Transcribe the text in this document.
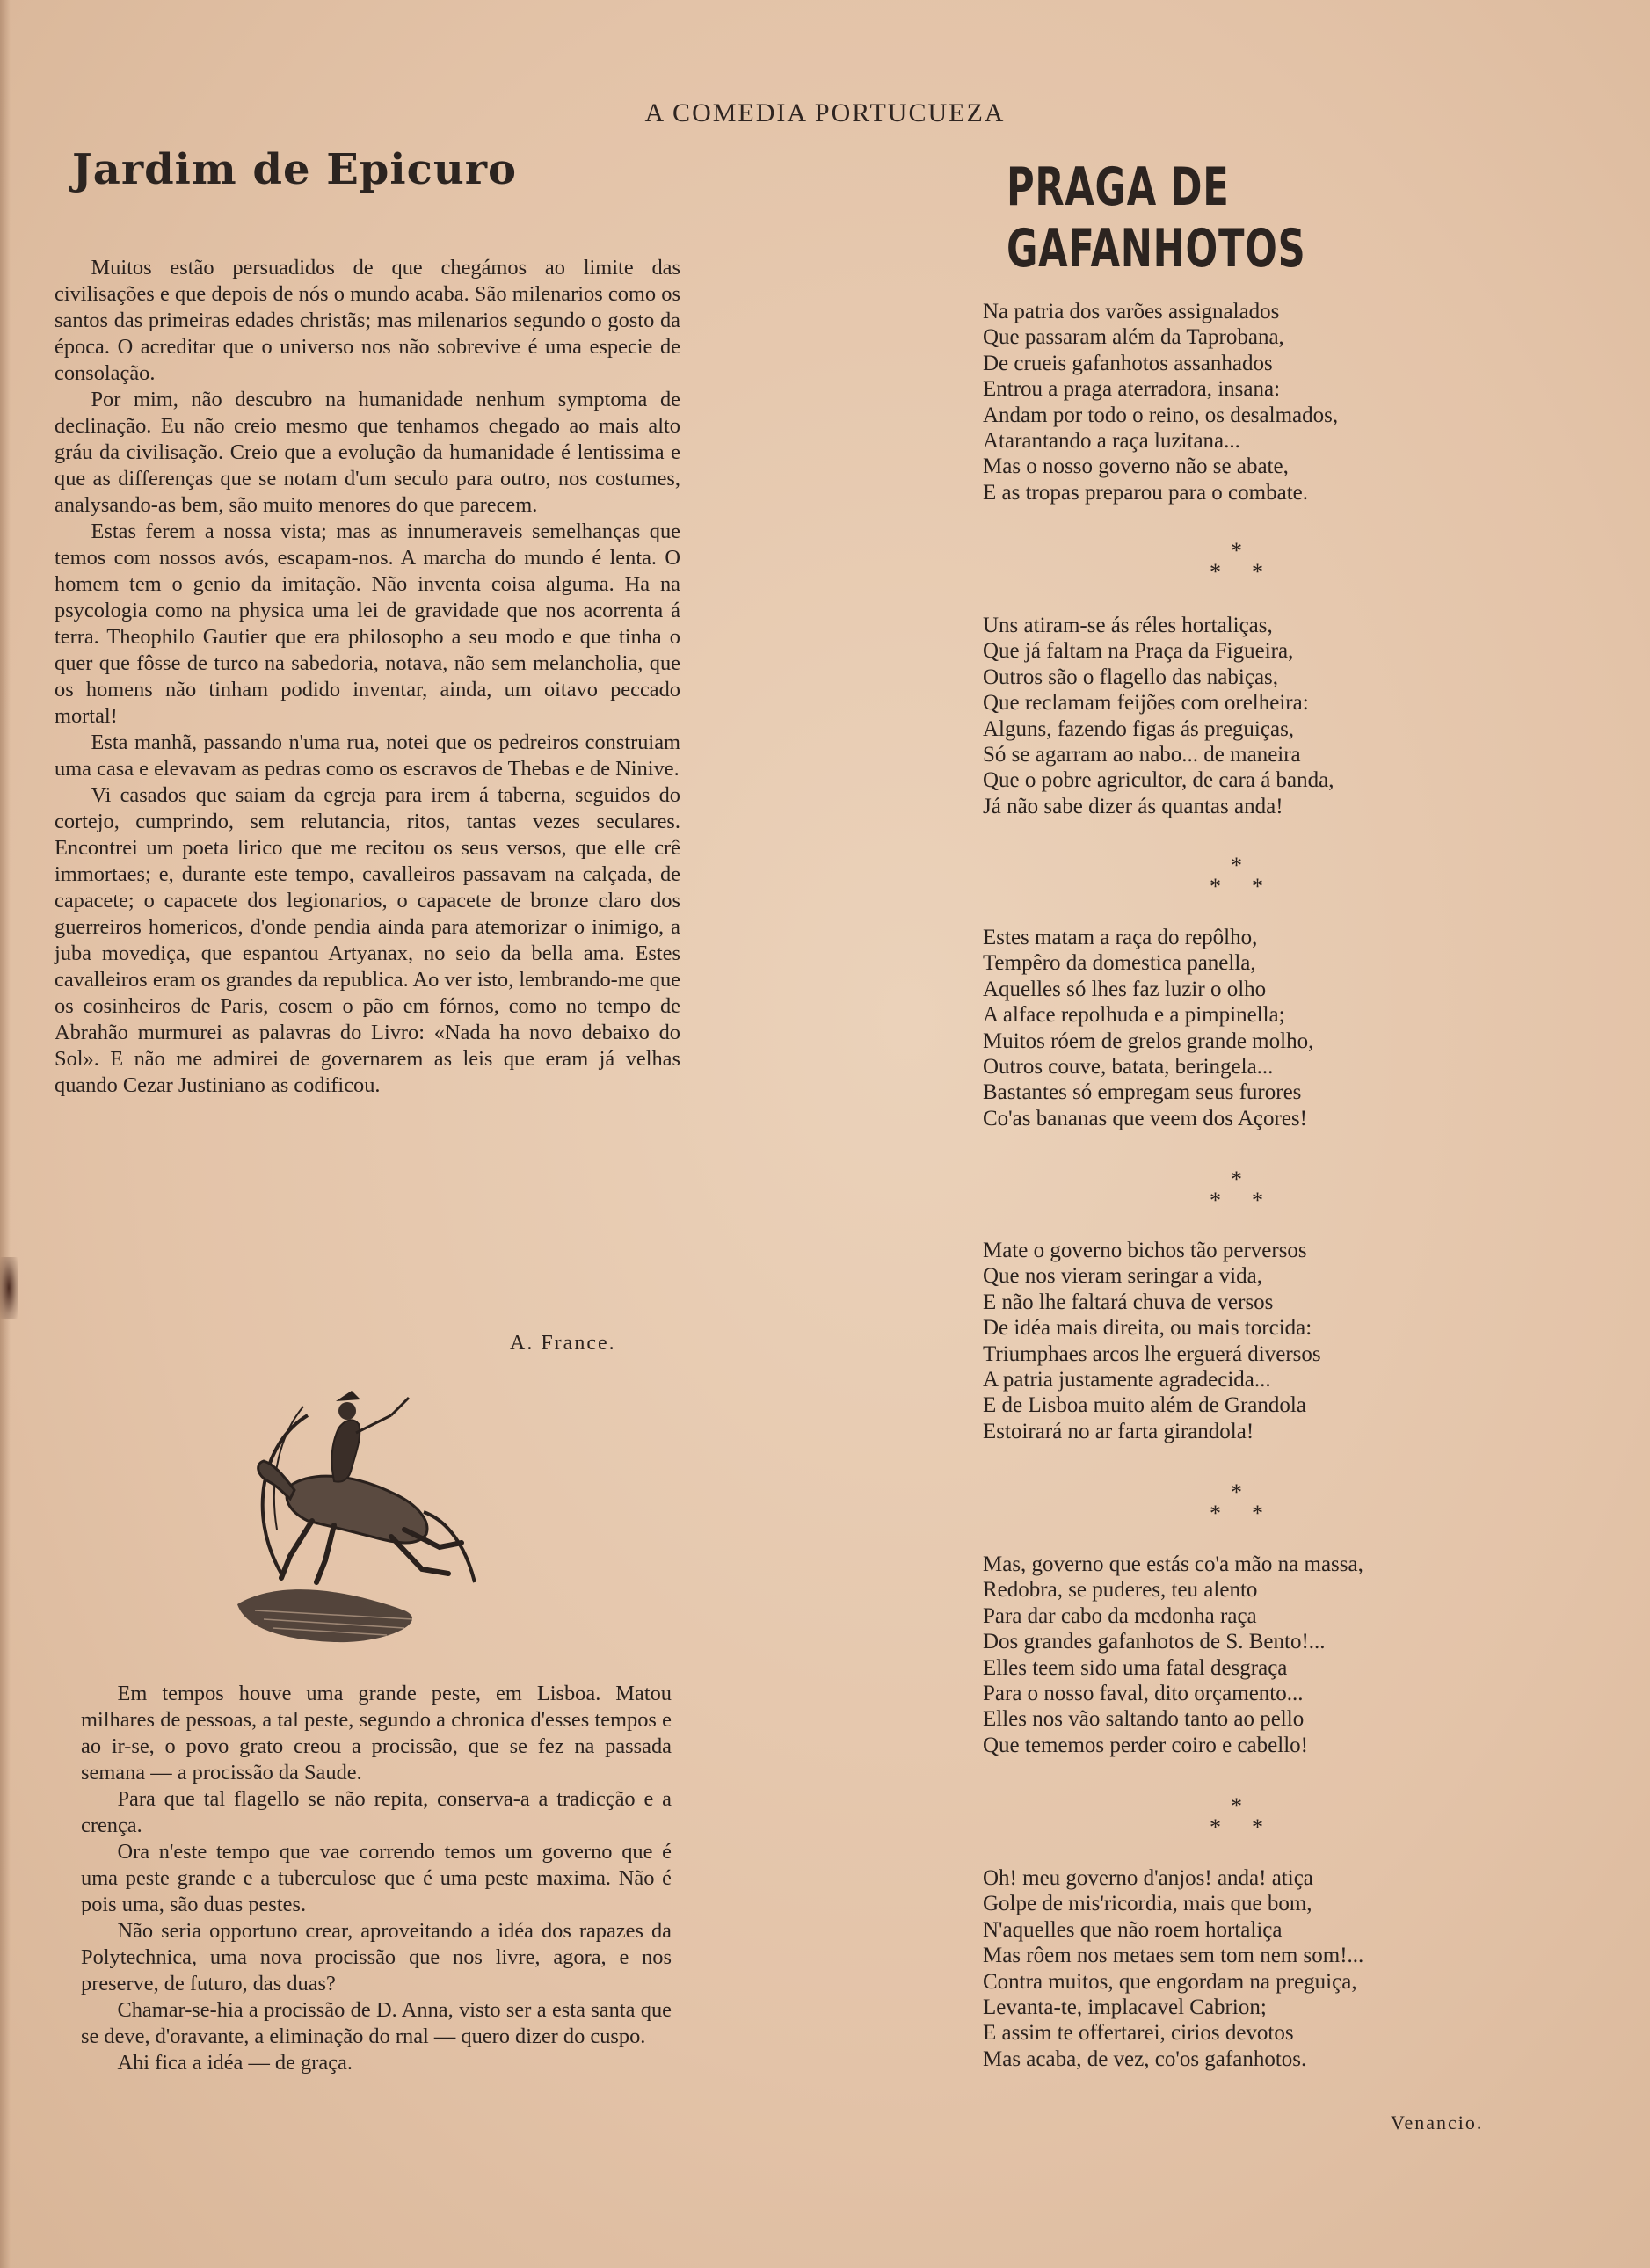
A COMEDIA PORTUCUEZA
Jardim de Epicuro	PRAGA DE GAFANHOTOS

Muitos estão persuadidos de que chegámos ao limite das civilisações e que depois de nós o mundo acaba. São milenarios como os santos das primeiras edades christãs; mas milenarios segundo o gosto da época. O acreditar que o universo nos não sobrevive é uma especie de consolação.

Por mim, não descubro na humanidade nenhum symptoma de declinação. Eu não creio mesmo que tenhamos chegado ao mais alto gráu da civilisação. Creio que a evolução da humanidade é lentissima e que as differenças que se notam d'um seculo para outro, nos costumes, analysando-as bem, são muito menores do que parecem.

Estas ferem a nossa vista; mas as innumeraveis semelhanças que temos com nossos avós, escapam-nos. A marcha do mundo é lenta. O homem tem o genio da imitação. Não inventa coisa alguma. Ha na psycologia como na physica uma lei de gravidade que nos acorrenta á terra. Theophilo Gautier que era philosopho a seu modo e que tinha o quer que fôsse de turco na sabedoria, notava, não sem melancholia, que os homens não tinham podido inventar, ainda, um oitavo peccado mortal!

Esta manhã, passando n'uma rua, notei que os pedreiros construiam uma casa e elevavam as pedras como os escravos de Thebas e de Ninive.

Vi casados que saiam da egreja para irem á taberna, seguidos do cortejo, cumprindo, sem relutancia, ritos, tantas vezes seculares. Encontrei um poeta lirico que me recitou os seus versos, que elle crê immortaes; e, durante este tempo, cavalleiros passavam na calçada, de capacete; o capacete dos legionarios, o capacete de bronze claro dos guerreiros homericos, d'onde pendia ainda para atemorizar o inimigo, a juba movediça, que espantou Artyanax, no seio da bella ama. Estes cavalleiros eram os grandes da republica. Ao ver isto, lembrando-me que os cosinheiros de Paris, cosem o pão em fórnos, como no tempo de Abrahão murmurei as palavras do Livro: «Nada ha novo debaixo do Sol». E não me admirei de governarem as leis que eram já velhas quando Cezar Justiniano as codificou.

A. France.

Em tempos houve uma grande peste, em Lisboa. Matou milhares de pessoas, a tal peste, segundo a chronica d'esses tempos e ao ir-se, o povo grato creou a procissão, que se fez na passada semana — a procissão da Saude.

Para que tal flagello se não repita, conserva-a a tradicção e a crença.

Ora n'este tempo que vae correndo temos um governo que é uma peste grande e a tuberculose que é uma peste maxima. Não é pois uma, são duas pestes.

Não seria opportuno crear, aproveitando a idéa dos rapazes da Polytechnica, uma nova procissão que nos livre, agora, e nos preserve, de futuro, das duas?

Chamar-se-hia a procissão de D. Anna, visto ser a esta santa que se deve, d'oravante, a eliminação do rnal — quero dizer do cuspo.

Ahi fica a idéa — de graça.

Na patria dos varões assignalados
Que passaram além da Taprobana,
De crueis gafanhotos assanhados
Entrou a praga aterradora, insana:
Andam por todo o reino, os desalmados,
Atarantando a raça luzitana...
Mas o nosso governo não se abate,
E as tropas preparou para o combate.
*
* *
Uns atiram-se ás réles hortaliças,
Que já faltam na Praça da Figueira,
Outros são o flagello das nabiças,
Que reclamam feijões com orelheira:
Alguns, fazendo figas ás preguiças,
Só se agarram ao nabo... de maneira
Que o pobre agricultor, de cara á banda,
Já não sabe dizer ás quantas anda!
*
* *
Estes matam a raça do repôlho,
Tempêro da domestica panella,
Aquelles só lhes faz luzir o olho
A alface repolhuda e a pimpinella;
Muitos róem de grelos grande molho,
Outros couve, batata, beringela...
Bastantes só empregam seus furores
Co'as bananas que veem dos Açores!
*
* *
Mate o governo bichos tão perversos
Que nos vieram seringar a vida,
E não lhe faltará chuva de versos
De idéa mais direita, ou mais torcida:
Triumphaes arcos lhe erguerá diversos
A patria justamente agradecida...
E de Lisboa muito além de Grandola
Estoirará no ar farta girandola!
*
* *
Mas, governo que estás co'a mão na massa,
Redobra, se puderes, teu alento
Para dar cabo da medonha raça
Dos grandes gafanhotos de S. Bento!...
Elles teem sido uma fatal desgraça
Para o nosso faval, dito orçamento...
Elles nos vão saltando tanto ao pello
Que tememos perder coiro e cabello!
*
* *
Oh! meu governo d'anjos! anda! atiça
Golpe de mis'ricordia, mais que bom,
N'aquelles que não roem hortaliça
Mas rôem nos metaes sem tom nem som!...
Contra muitos, que engordam na preguiça,
Levanta-te, implacavel Cabrion;
E assim te offertarei, cirios devotos
Mas acaba, de vez, co'os gafanhotos.
Venancio.
